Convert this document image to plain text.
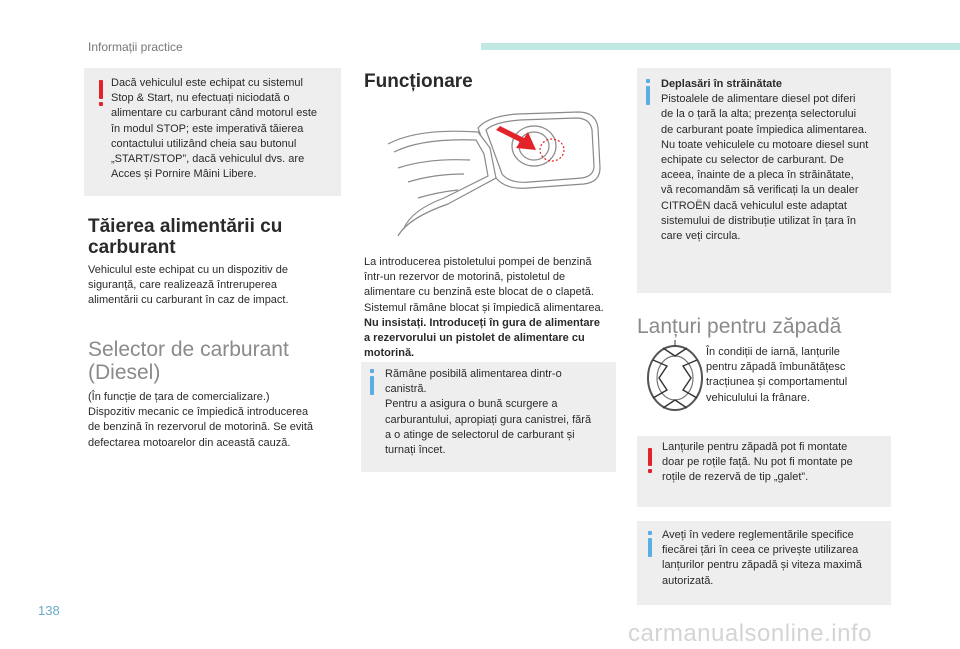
Informații practice
Dacă vehiculul este echipat cu sistemul
Stop & Start, nu efectuați niciodată o
alimentare cu carburant când motorul este
în modul STOP; este imperativă tăierea
contactului utilizând cheia sau butonul
„START/STOP”, dacă vehiculul dvs. are
Acces și Pornire Mâini Libere.
Tăierea alimentării cu
carburant
Vehiculul este echipat cu un dispozitiv de
siguranță, care realizează întreruperea
alimentării cu carburant în caz de impact.
Selector de carburant
(Diesel)
(În funcție de țara de comercializare.)
Dispozitiv mecanic ce împiedică introducerea
de benzină în rezervorul de motorină. Se evită
defectarea motoarelor din această cauză.
Funcționare
La introducerea pistoletului pompei de benzină
într-un rezervor de motorină, pistoletul de
alimentare cu benzină este blocat de o clapetă.
Sistemul rămâne blocat și împiedică alimentarea.
Nu insistați. Introduceți în gura de alimentare
a rezervorului un pistolet de alimentare cu
motorină.
Rămâne posibilă alimentarea dintr-o
canistră.
Pentru a asigura o bună scurgere a
carburantului, apropiați gura canistrei, fără
a o atinge de selectorul de carburant și
turnați încet.
Deplasări în străinătate
Pistoalele de alimentare diesel pot diferi
de la o țară la alta; prezența selectorului
de carburant poate împiedica alimentarea.
Nu toate vehiculele cu motoare diesel sunt
echipate cu selector de carburant. De
aceea, înainte de a pleca în străinătate,
vă recomandăm să verificați la un dealer
CITROËN dacă vehiculul este adaptat
sistemului de distribuție utilizat în țara în
care veți circula.
Lanțuri pentru zăpadă
În condiții de iarnă, lanțurile
pentru zăpadă îmbunătățesc
tracțiunea și comportamentul
vehiculului la frânare.
Lanțurile pentru zăpadă pot fi montate
doar pe roțile față. Nu pot fi montate pe
roțile de rezervă de tip „galet”.
Aveți în vedere reglementările specifice
fiecărei țări în ceea ce privește utilizarea
lanțurilor pentru zăpadă și viteza maximă
autorizată.
138
carmanualsonline.info
